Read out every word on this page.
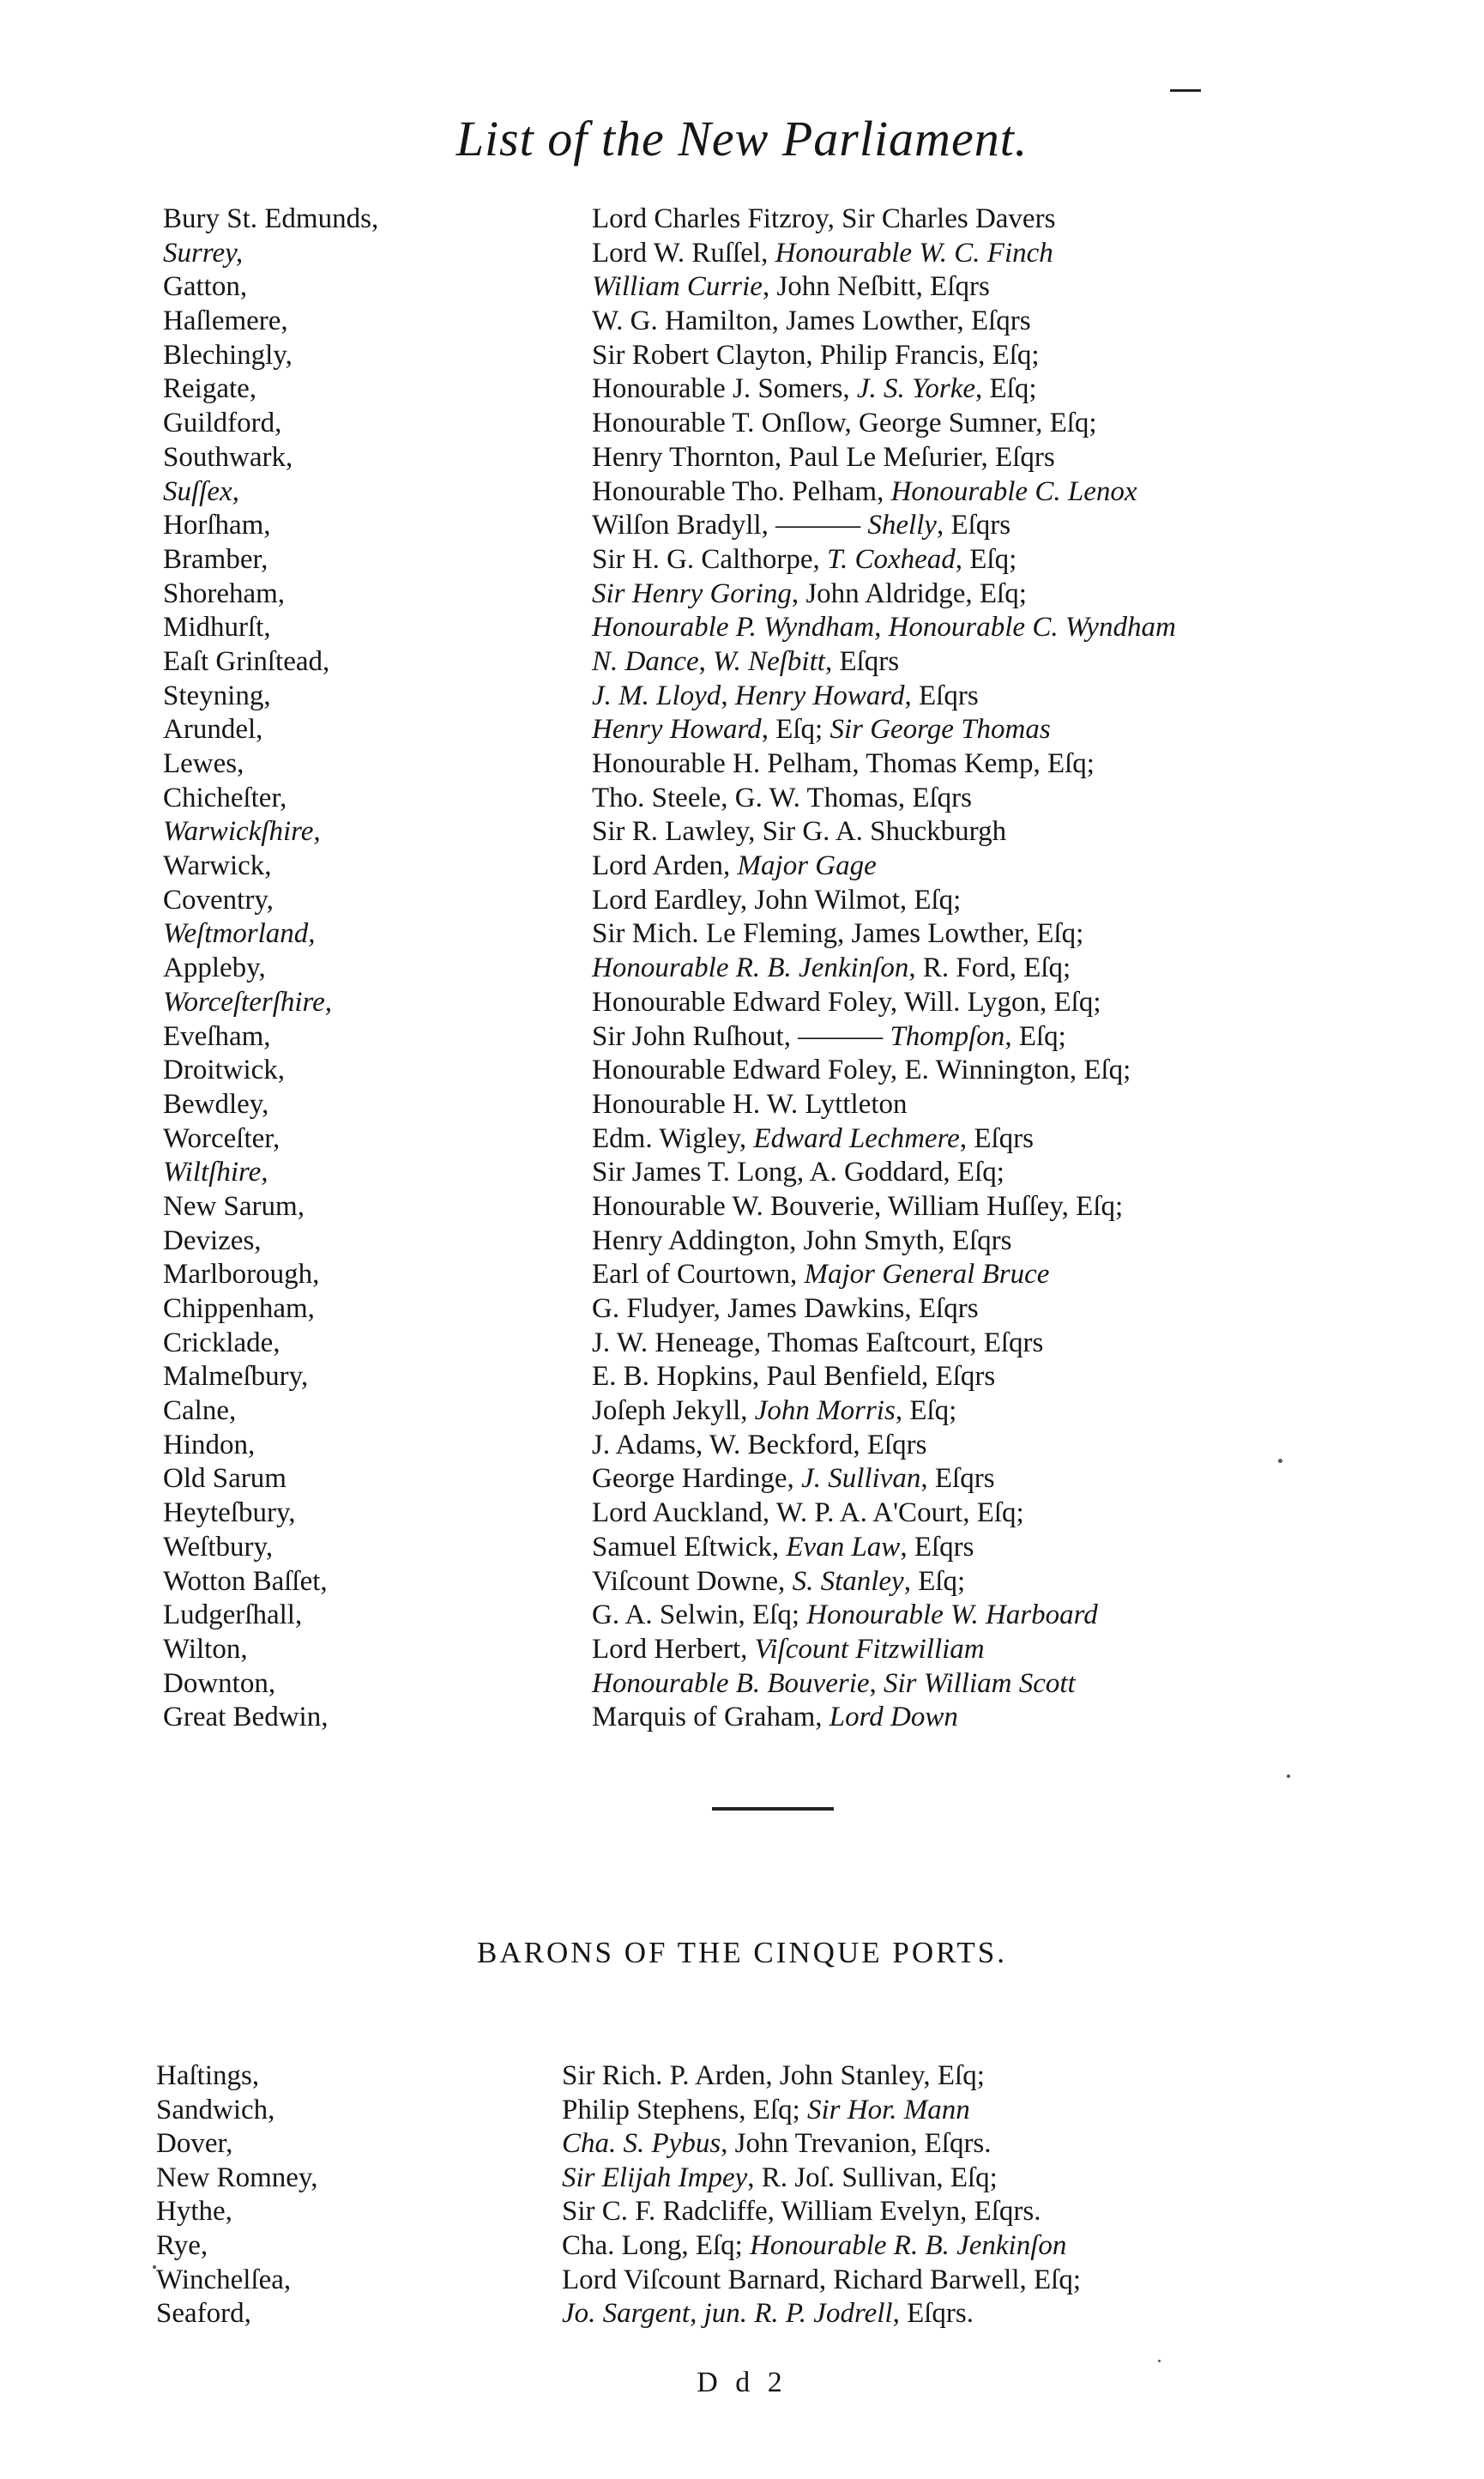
List of the New Parliament.
Bury St. Edmunds,	Lord Charles Fitzroy, Sir Charles Davers
Surrey,	Lord W. Ruſſel, Honourable W. C. Finch
Gatton,	William Currie, John Neſbitt, Eſqrs
Haſlemere,	W. G. Hamilton, James Lowther, Eſqrs
Blechingly,	Sir Robert Clayton, Philip Francis, Eſq;
Reigate,	Honourable J. Somers, J. S. Yorke, Eſq;
Guildford,	Honourable T. Onſlow, George Sumner, Eſq;
Southwark,	Henry Thornton, Paul Le Meſurier, Eſqrs
Suſſex,	Honourable Tho. Pelham, Honourable C. Lenox
Horſham,	Wilſon Bradyll, ——— Shelly, Eſqrs
Bramber,	Sir H. G. Calthorpe, T. Coxhead, Eſq;
Shoreham,	Sir Henry Goring, John Aldridge, Eſq;
Midhurſt,	Honourable P. Wyndham, Honourable C. Wyndham
Eaſt Grinſtead,	N. Dance, W. Neſbitt, Eſqrs
Steyning,	J. M. Lloyd, Henry Howard, Eſqrs
Arundel,	Henry Howard, Eſq; Sir George Thomas
Lewes,	Honourable H. Pelham, Thomas Kemp, Eſq;
Chicheſter,	Tho. Steele, G. W. Thomas, Eſqrs
Warwickſhire,	Sir R. Lawley, Sir G. A. Shuckburgh
Warwick,	Lord Arden, Major Gage
Coventry,	Lord Eardley, John Wilmot, Eſq;
Weſtmorland,	Sir Mich. Le Fleming, James Lowther, Eſq;
Appleby,	Honourable R. B. Jenkinſon, R. Ford, Eſq;
Worceſterſhire,	Honourable Edward Foley, Will. Lygon, Eſq;
Eveſham,	Sir John Ruſhout, ——— Thompſon, Eſq;
Droitwick,	Honourable Edward Foley, E. Winnington, Eſq;
Bewdley,	Honourable H. W. Lyttleton
Worceſter,	Edm. Wigley, Edward Lechmere, Eſqrs
Wiltſhire,	Sir James T. Long, A. Goddard, Eſq;
New Sarum,	Honourable W. Bouverie, William Huſſey, Eſq;
Devizes,	Henry Addington, John Smyth, Eſqrs
Marlborough,	Earl of Courtown, Major General Bruce
Chippenham,	G. Fludyer, James Dawkins, Eſqrs
Cricklade,	J. W. Heneage, Thomas Eaſtcourt, Eſqrs
Malmeſbury,	E. B. Hopkins, Paul Benfield, Eſqrs
Calne,	Joſeph Jekyll, John Morris, Eſq;
Hindon,	J. Adams, W. Beckford, Eſqrs
Old Sarum	George Hardinge, J. Sullivan, Eſqrs
Heyteſbury,	Lord Auckland, W. P. A. A'Court, Eſq;
Weſtbury,	Samuel Eſtwick, Evan Law, Eſqrs
Wotton Baſſet,	Viſcount Downe, S. Stanley, Eſq;
Ludgerſhall,	G. A. Selwin, Eſq; Honourable W. Harboard
Wilton,	Lord Herbert, Viſcount Fitzwilliam
Downton,	Honourable B. Bouverie, Sir William Scott
Great Bedwin,	Marquis of Graham, Lord Down
BARONS OF THE CINQUE PORTS.
Haſtings,	Sir Rich. P. Arden, John Stanley, Eſq;
Sandwich,	Philip Stephens, Eſq; Sir Hor. Mann
Dover,	Cha. S. Pybus, John Trevanion, Eſqrs.
New Romney,	Sir Elijah Impey, R. Joſ. Sullivan, Eſq;
Hythe,	Sir C. F. Radcliffe, William Evelyn, Eſqrs.
Rye,	Cha. Long, Eſq; Honourable R. B. Jenkinſon
Winchelſea,	Lord Viſcount Barnard, Richard Barwell, Eſq;
Seaford,	Jo. Sargent, jun. R. P. Jodrell, Eſqrs.
D d 2
